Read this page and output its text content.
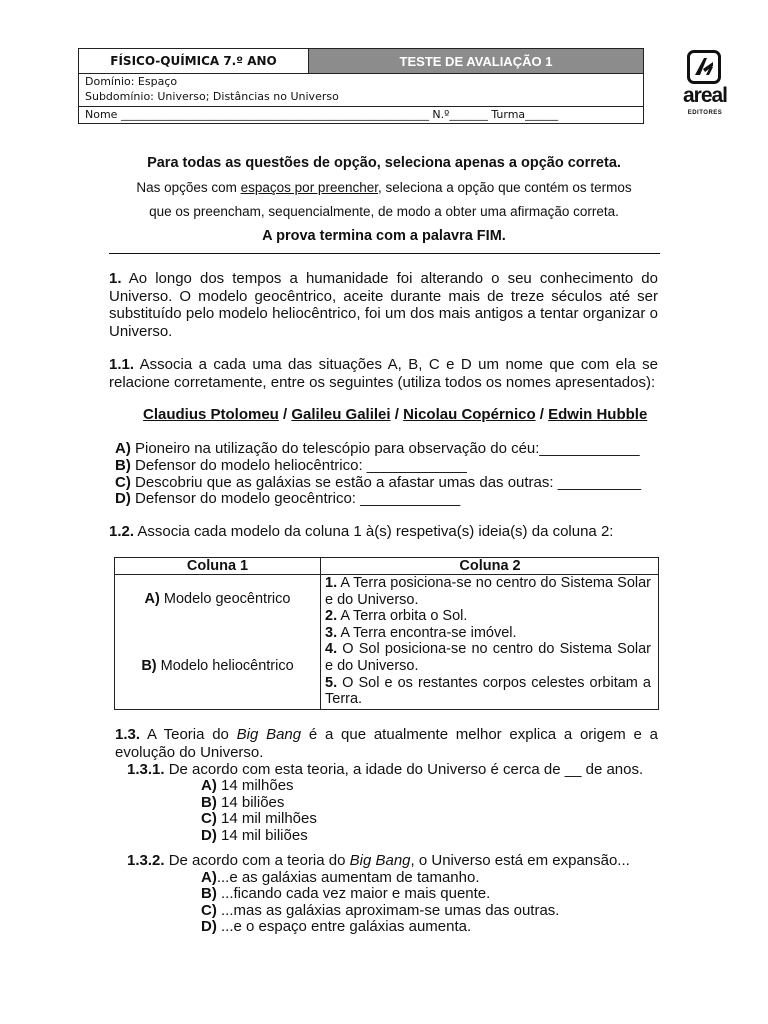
FÍSICO-QUÍMICA 7.º ANO	TESTE DE AVALIAÇÃO 1
Domínio: Espaço
Subdomínio: Universo; Distâncias no Universo
Nome ________________________________________________________ N.º_______ Turma______
areal
EDITORES
Para todas as questões de opção, seleciona apenas a opção correta.
Nas opções com espaços por preencher, seleciona a opção que contém os termos
que os preencham, sequencialmente, de modo a obter uma afirmação correta.
A prova termina com a palavra FIM.
1. Ao longo dos tempos a humanidade foi alterando o seu conhecimento do Universo. O modelo geocêntrico, aceite durante mais de treze séculos até ser substituído pelo modelo heliocêntrico, foi um dos mais antigos a tentar organizar o Universo.
1.1. Associa a cada uma das situações A, B, C e D um nome que com ela se relacione corretamente, entre os seguintes (utiliza todos os nomes apresentados):
Claudius Ptolomeu / Galileu Galilei / Nicolau Copérnico / Edwin Hubble
A) Pioneiro na utilização do telescópio para observação do céu:____________
B) Defensor do modelo heliocêntrico: ____________
C) Descobriu que as galáxias se estão a afastar umas das outras: __________
D) Defensor do modelo geocêntrico: ____________
1.2. Associa cada modelo da coluna 1 à(s) respetiva(s) ideia(s) da coluna 2:
Coluna 1	Coluna 2
A) Modelo geocêntrico
B) Modelo heliocêntrico
1. A Terra posiciona-se no centro do Sistema Solar e do Universo.
2. A Terra orbita o Sol.
3. A Terra encontra-se imóvel.
4. O Sol posiciona-se no centro do Sistema Solar e do Universo.
5. O Sol e os restantes corpos celestes orbitam a Terra.
1.3. A Teoria do Big Bang é a que atualmente melhor explica a origem e a evolução do Universo.
1.3.1. De acordo com esta teoria, a idade do Universo é cerca de __ de anos.
A) 14 milhões
B) 14 biliões
C) 14 mil milhões
D) 14 mil biliões
1.3.2. De acordo com a teoria do Big Bang, o Universo está em expansão...
A)...e as galáxias aumentam de tamanho.
B) ...ficando cada vez maior e mais quente.
C) ...mas as galáxias aproximam-se umas das outras.
D) ...e o espaço entre galáxias aumenta.
